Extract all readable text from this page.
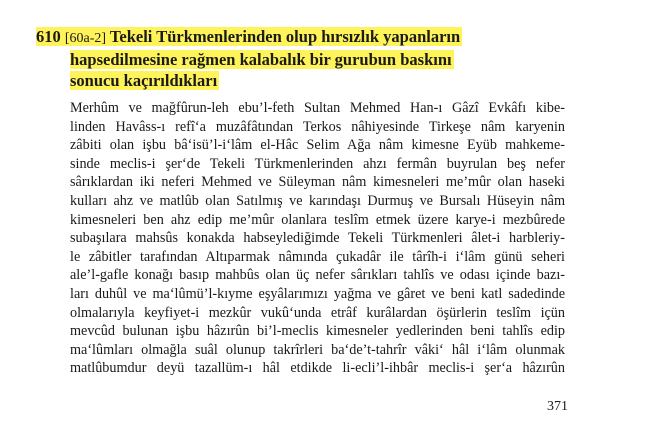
610 [60a-2] Tekeli Türkmenlerinden olup hırsızlık yapanların
hapsedilmesine rağmen kalabalık bir gurubun baskını
sonucu kaçırıldıkları
Merhûm ve mağfûrun-leh ebu’l-feth Sultan Mehmed Han-ı Gâzî Evkâfı kibe-
linden Havâss-ı refî‘a muzâfâtından Terkos nâhiyesinde Tirkeşe nâm karyenin
zâbiti olan işbu bâ‘isü’l-i‘lâm el-Hâc Selim Ağa nâm kimesne Eyüb mahkeme-
sinde meclis-i şer‘de Tekeli Türkmenlerinden ahzı fermân buyrulan beş nefer
sârıklardan iki neferi Mehmed ve Süleyman nâm kimesneleri me’mûr olan haseki
kulları ahz ve matlûb olan Satılmış ve karındaşı Durmuş ve Bursalı Hüseyin nâm
kimesneleri ben ahz edip me’mûr olanlara teslîm etmek üzere karye-i mezbûrede
subaşılara mahsûs konakda habseylediğimde Tekeli Türkmenleri âlet-i harbleriy-
le zâbitler tarafından Altıparmak nâmında çukadâr ile târîh-i i‘lâm günü seheri
ale’l-gafle konağı basıp mahbûs olan üç nefer sârıkları tahlîs ve odası içinde bazı-
ları duhûl ve ma‘lûmü’l-kıyme eşyâlarımızı yağma ve gâret ve beni katl sadedinde
olmalarıyla keyfiyet-i mezkûr vukû‘unda etrâf kurâlardan öşürlerin teslîm içün
mevcûd bulunan işbu hâzırûn bi’l-meclis kimesneler yedlerinden beni tahlîs edip
ma‘lûmları olmağla suâl olunup takrîrleri ba‘de’t-tahrîr vâki‘ hâl i‘lâm olunmak
matlûbumdur deyü tazallüm-ı hâl etdikde li-ecli’l-ihbâr meclis-i şer‘a hâzırûn
371
